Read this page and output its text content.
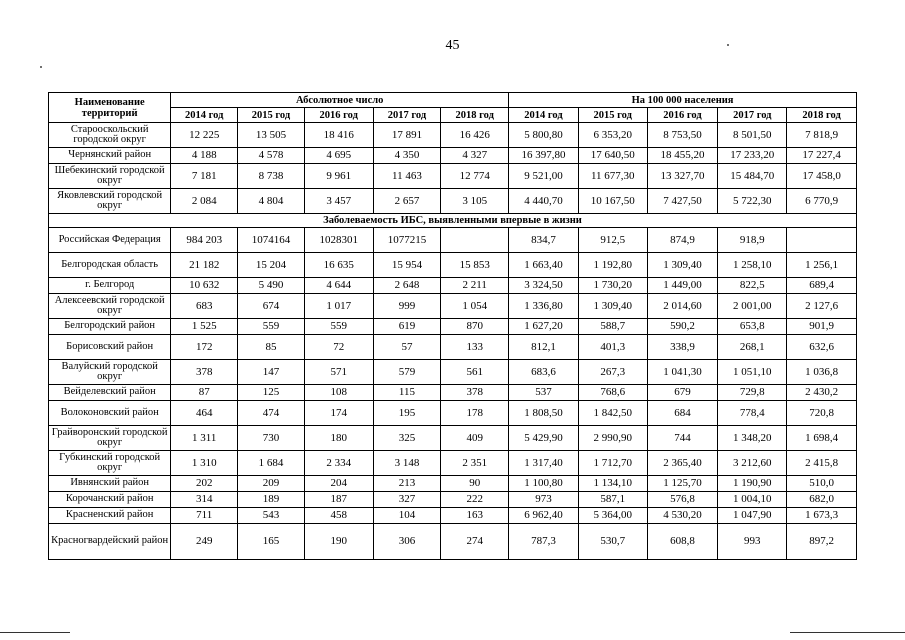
45
Наименование
территорий	Абсолютное число					На 100 000 населения				
	2014 год	2015 год	2016 год	2017 год	2018 год	2014 год	2015 год	2016 год	2017 год	2018 год
Старооскольский городской округ	12 225	13 505	18 416	17 891	16 426	5 800,80	6 353,20	8 753,50	8 501,50	7 818,9
Чернянский район	4 188	4 578	4 695	4 350	4 327	16 397,80	17 640,50	18 455,20	17 233,20	17 227,4
Шебекинский городской округ	7 181	8 738	9 961	11 463	12 774	9 521,00	11 677,30	13 327,70	15 484,70	17 458,0
Яковлевский городской округ	2 084	4 804	3 457	2 657	3 105	4 440,70	10 167,50	7 427,50	5 722,30	6 770,9
Заболеваемость ИБС, выявленными впервые в жизни										
Российская Федерация	984 203	1074164	1028301	1077215		834,7	912,5	874,9	918,9	
Белгородская область	21 182	15 204	16 635	15 954	15 853	1 663,40	1 192,80	1 309,40	1 258,10	1 256,1
г. Белгород	10 632	5 490	4 644	2 648	2 211	3 324,50	1 730,20	1 449,00	822,5	689,4
Алексеевский городской округ	683	674	1 017	999	1 054	1 336,80	1 309,40	2 014,60	2 001,00	2 127,6
Белгородский район	1 525	559	559	619	870	1 627,20	588,7	590,2	653,8	901,9
Борисовский район	172	85	72	57	133	812,1	401,3	338,9	268,1	632,6
Валуйский городской округ	378	147	571	579	561	683,6	267,3	1 041,30	1 051,10	1 036,8
Вейделевский район	87	125	108	115	378	537	768,6	679	729,8	2 430,2
Волоконовский район	464	474	174	195	178	1 808,50	1 842,50	684	778,4	720,8
Грайворонский городской округ	1 311	730	180	325	409	5 429,90	2 990,90	744	1 348,20	1 698,4
Губкинский городской округ	1 310	1 684	2 334	3 148	2 351	1 317,40	1 712,70	2 365,40	3 212,60	2 415,8
Ивнянский район	202	209	204	213	90	1 100,80	1 134,10	1 125,70	1 190,90	510,0
Корочанский район	314	189	187	327	222	973	587,1	576,8	1 004,10	682,0
Красненский район	711	543	458	104	163	6 962,40	5 364,00	4 530,20	1 047,90	1 673,3
Красногвардейский район	249	165	190	306	274	787,3	530,7	608,8	993	897,2
